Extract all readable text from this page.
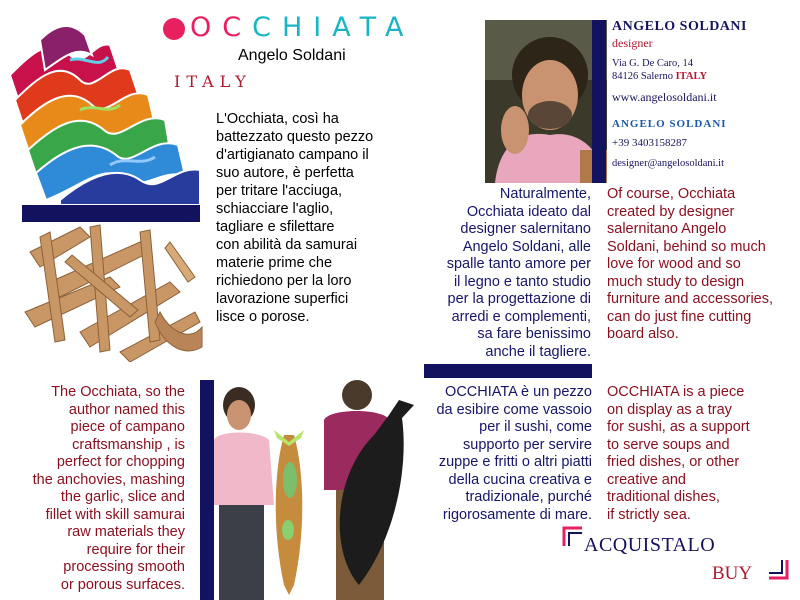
OCCHIATA
Angelo Soldani
ITALY
L'Occhiata, così ha
battezzato questo pezzo
d'artigianato campano il
suo autore, è perfetta
per tritare l'acciuga,
schiacciare l'aglio,
tagliare e sfilettare
con abilità da samurai
materie prime che
richiedono per la loro
lavorazione superfici
lisce o porose.
ANGELO SOLDANI
designer
Via G. De Caro, 14
84126 Salerno ITALY
www.angelosoldani.it
ANGELO SOLDANI
+39 3403158287
designer@angelosoldani.it
Naturalmente,
Occhiata ideato dal
designer salernitano
Angelo Soldani, alle
spalle tanto amore per
il legno e tanto studio
per la progettazione di
arredi e complementi,
sa fare benissimo
anche il tagliere.
Of course, Occhiata
created by designer
salernitano Angelo
Soldani, behind so much
love for wood and so
much study to design
furniture and accessories,
can do just fine cutting
board also.
The Occhiata, so the
author named this
piece of campano
craftsmanship , is
perfect for chopping
the anchovies, mashing
the garlic, slice and
fillet with skill samurai
raw materials they
require for their
processing smooth
or porous surfaces.
OCCHIATA è un pezzo
da esibire come vassoio
per il sushi, come
supporto per servire
zuppe e fritti o altri piatti
della cucina creativa e
tradizionale, purché
rigorosamente di mare.
OCCHIATA is a piece
on display as a tray
for sushi, as a support
to serve soups and
fried dishes, or other
creative and
traditional dishes,
if strictly sea.
ACQUISTALO
BUY
